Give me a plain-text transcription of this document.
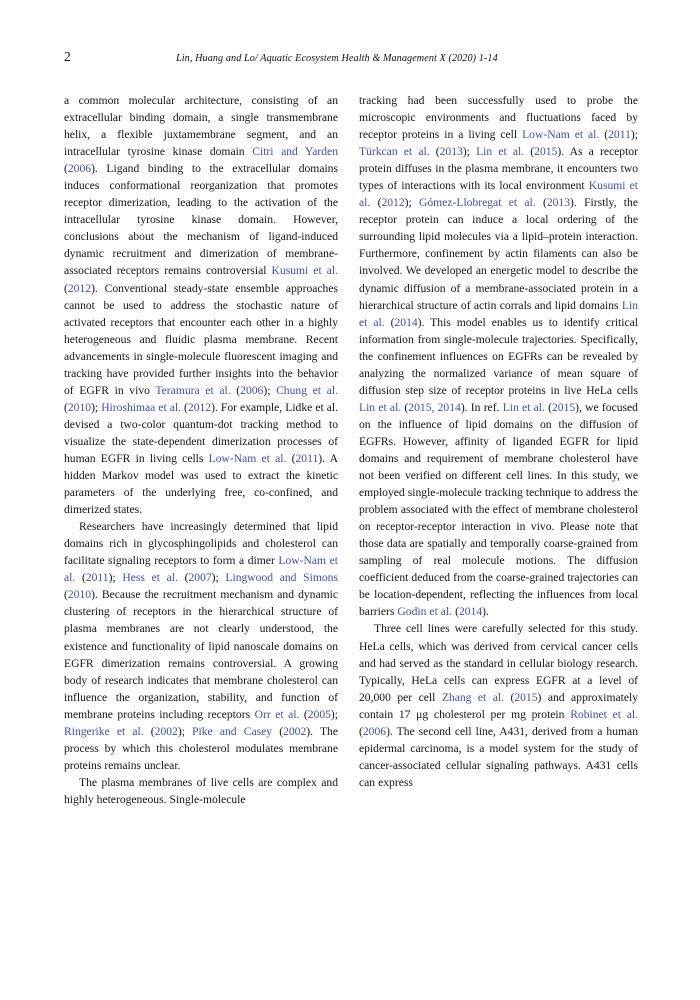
2	Lin, Huang and Lo/ Aquatic Ecosystem Health & Management X (2020) 1-14

a common molecular architecture, consisting of an extracellular binding domain, a single transmembrane helix, a flexible juxtamembrane segment, and an intracellular tyrosine kinase domain Citri and Yarden (2006). Ligand binding to the extracellular domains induces conformational reorganization that promotes receptor dimerization, leading to the activation of the intracellular tyrosine kinase domain. However, conclusions about the mechanism of ligand-induced dynamic recruitment and dimerization of membrane-associated receptors remains controversial Kusumi et al. (2012). Conventional steady-state ensemble approaches cannot be used to address the stochastic nature of activated receptors that encounter each other in a highly heterogeneous and fluidic plasma membrane. Recent advancements in single-molecule fluorescent imaging and tracking have provided further insights into the behavior of EGFR in vivo Teramura et al. (2006); Chung et al. (2010); Hiroshimaa et al. (2012). For example, Lidke et al. devised a two-color quantum-dot tracking method to visualize the state-dependent dimerization processes of human EGFR in living cells Low-Nam et al. (2011). A hidden Markov model was used to extract the kinetic parameters of the underlying free, co-confined, and dimerized states.

Researchers have increasingly determined that lipid domains rich in glycosphingolipids and cholesterol can facilitate signaling receptors to form a dimer Low-Nam et al. (2011); Hess et al. (2007); Lingwood and Simons (2010). Because the recruitment mechanism and dynamic clustering of receptors in the hierarchical structure of plasma membranes are not clearly understood, the existence and functionality of lipid nanoscale domains on EGFR dimerization remains controversial. A growing body of research indicates that membrane cholesterol can influence the organization, stability, and function of membrane proteins including receptors Orr et al. (2005); Ringerike et al. (2002); Pike and Casey (2002). The process by which this cholesterol modulates membrane proteins remains unclear.

The plasma membranes of live cells are complex and highly heterogeneous. Single-molecule

tracking had been successfully used to probe the microscopic environments and fluctuations faced by receptor proteins in a living cell Low-Nam et al. (2011); Türkcan et al. (2013); Lin et al. (2015). As a receptor protein diffuses in the plasma membrane, it encounters two types of interactions with its local environment Kusumi et al. (2012); Gómez-Llobregat et al. (2013). Firstly, the receptor protein can induce a local ordering of the surrounding lipid molecules via a lipid–protein interaction. Furthermore, confinement by actin filaments can also be involved. We developed an energetic model to describe the dynamic diffusion of a membrane-associated protein in a hierarchical structure of actin corrals and lipid domains Lin et al. (2014). This model enables us to identify critical information from single-molecule trajectories. Specifically, the confinement influences on EGFRs can be revealed by analyzing the normalized variance of mean square of diffusion step size of receptor proteins in live HeLa cells Lin et al. (2015, 2014). In ref. Lin et al. (2015), we focused on the influence of lipid domains on the diffusion of EGFRs. However, affinity of liganded EGFR for lipid domains and requirement of membrane cholesterol have not been verified on different cell lines. In this study, we employed single-molecule tracking technique to address the problem associated with the effect of membrane cholesterol on receptor-receptor interaction in vivo. Please note that those data are spatially and temporally coarse-grained from sampling of real molecule motions. The diffusion coefficient deduced from the coarse-grained trajectories can be location-dependent, reflecting the influences from local barriers Godin et al. (2014).

Three cell lines were carefully selected for this study. HeLa cells, which was derived from cervical cancer cells and had served as the standard in cellular biology research. Typically, HeLa cells can express EGFR at a level of 20,000 per cell Zhang et al. (2015) and approximately contain 17 μg cholesterol per mg protein Robinet et al. (2006). The second cell line, A431, derived from a human epidermal carcinoma, is a model system for the study of cancer-associated cellular signaling pathways. A431 cells can express
